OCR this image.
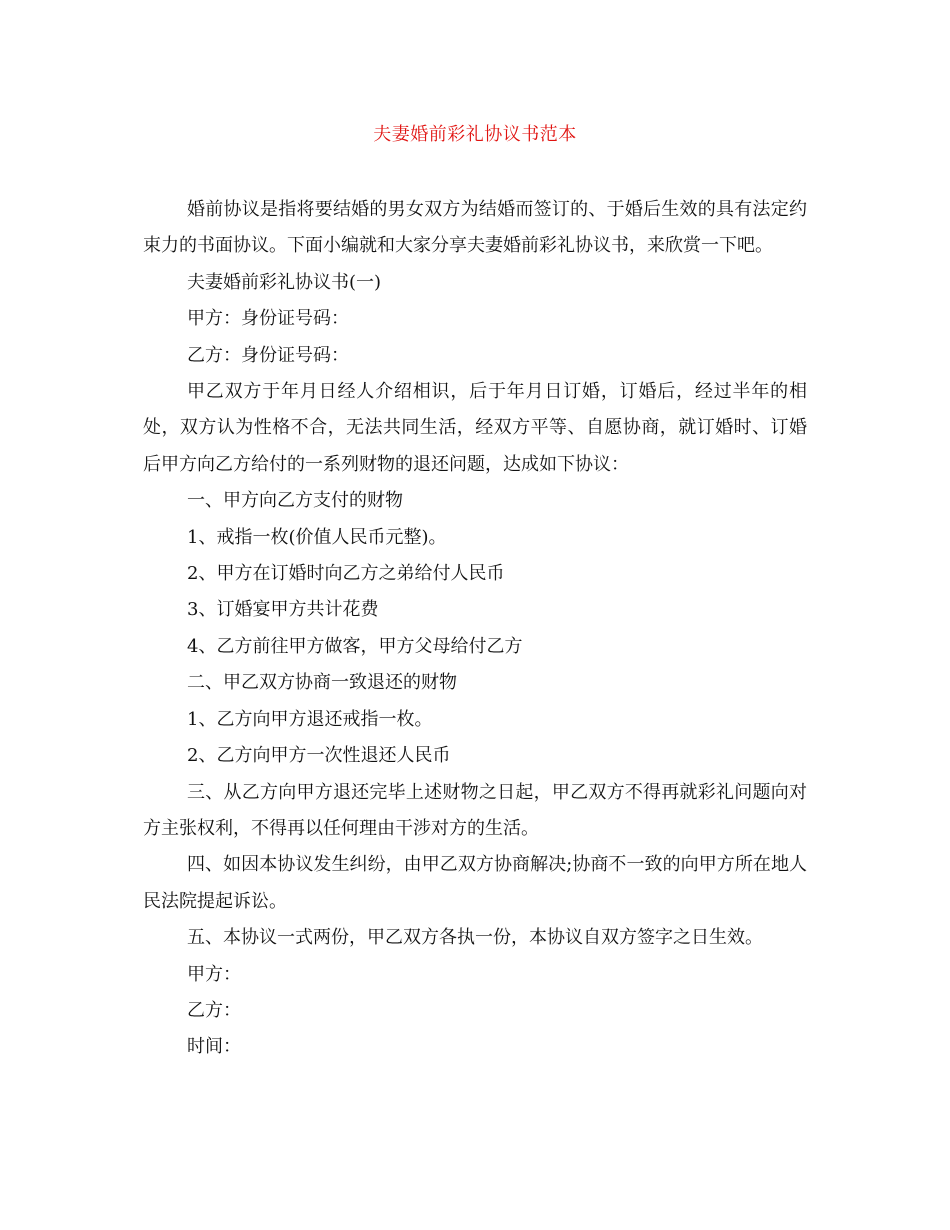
夫妻婚前彩礼协议书范本

婚前协议是指将要结婚的男女双方为结婚而签订的、于婚后生效的具有法定约束力的书面协议。下面小编就和大家分享夫妻婚前彩礼协议书，来欣赏一下吧。

夫妻婚前彩礼协议书(一)

甲方：身份证号码：

乙方：身份证号码：

甲乙双方于年月日经人介绍相识，后于年月日订婚，订婚后，经过半年的相处，双方认为性格不合，无法共同生活，经双方平等、自愿协商，就订婚时、订婚后甲方向乙方给付的一系列财物的退还问题，达成如下协议：

一、甲方向乙方支付的财物

1、戒指一枚(价值人民币元整)。

2、甲方在订婚时向乙方之弟给付人民币

3、订婚宴甲方共计花费

4、乙方前往甲方做客，甲方父母给付乙方

二、甲乙双方协商一致退还的财物

1、乙方向甲方退还戒指一枚。

2、乙方向甲方一次性退还人民币

三、从乙方向甲方退还完毕上述财物之日起，甲乙双方不得再就彩礼问题向对方主张权利，不得再以任何理由干涉对方的生活。

四、如因本协议发生纠纷，由甲乙双方协商解决;协商不一致的向甲方所在地人民法院提起诉讼。

五、本协议一式两份，甲乙双方各执一份，本协议自双方签字之日生效。

甲方：

乙方：

时间：
